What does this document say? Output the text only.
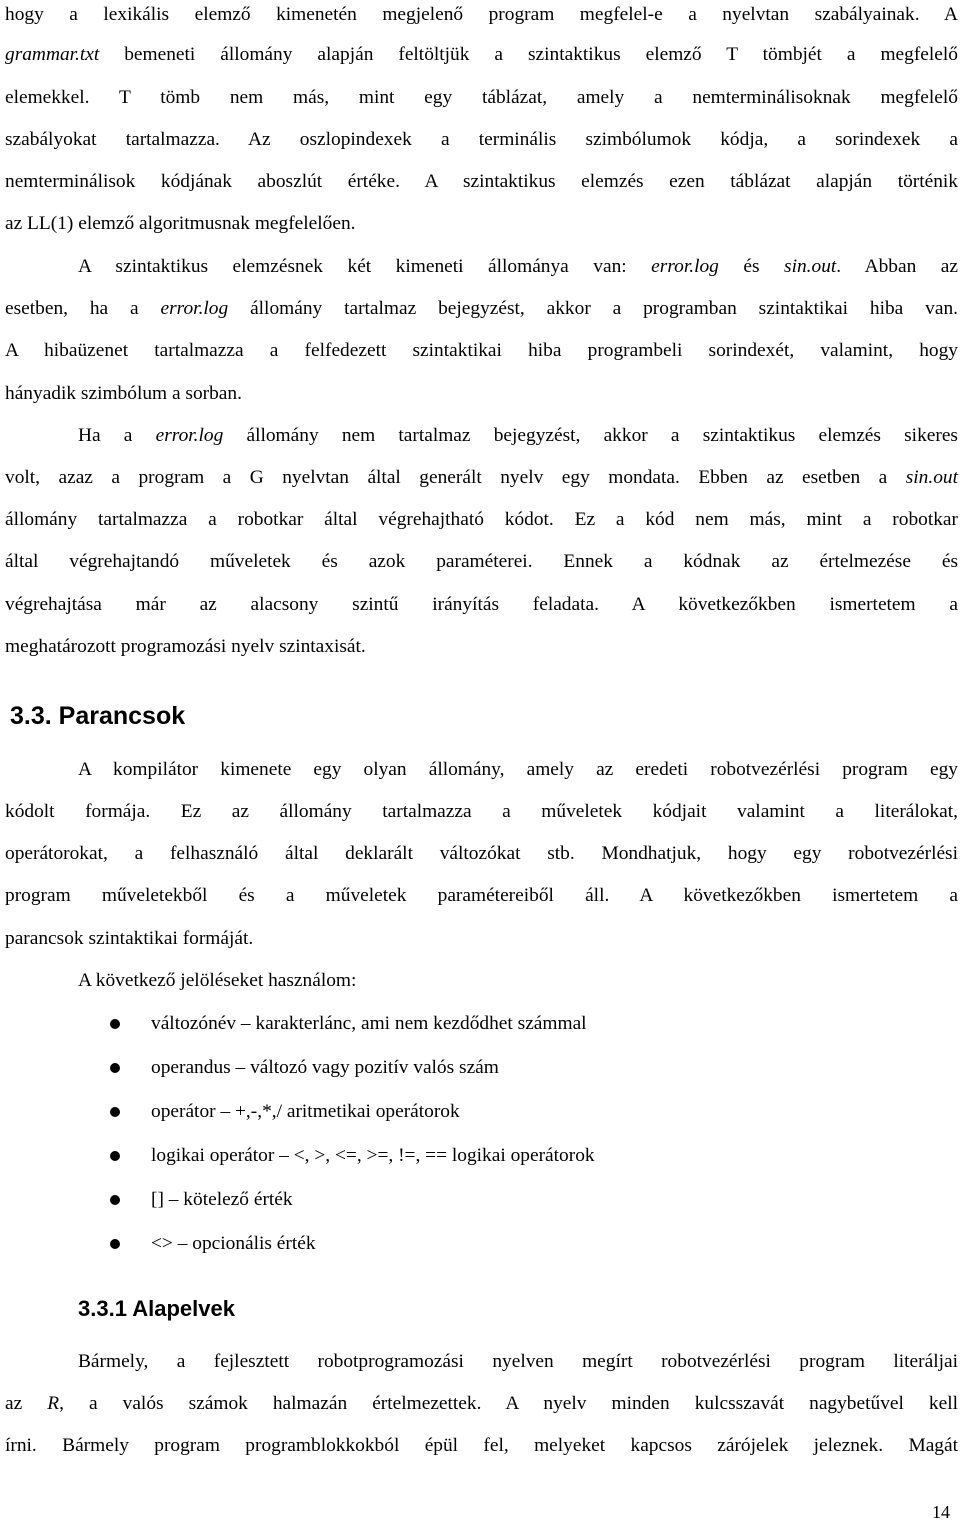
hogy a lexikális elemző kimenetén megjelenő program megfelel-e a nyelvtan szabályainak. A
grammar.txt bemeneti állomány alapján feltöltjük a szintaktikus elemző T tömbjét a megfelelő
elemekkel. T tömb nem más, mint egy táblázat, amely a nemterminálisoknak megfelelő
szabályokat tartalmazza. Az oszlopindexek a terminális szimbólumok kódja, a sorindexek a
nemterminálisok kódjának aboszlút értéke. A szintaktikus elemzés ezen táblázat alapján történik
az LL(1) elemző algoritmusnak megfelelően.
A szintaktikus elemzésnek két kimeneti állománya van: error.log és sin.out. Abban az
esetben, ha a error.log állomány tartalmaz bejegyzést, akkor a programban szintaktikai hiba van.
A hibaüzenet tartalmazza a felfedezett szintaktikai hiba programbeli sorindexét, valamint, hogy
hányadik szimbólum a sorban.
Ha a error.log állomány nem tartalmaz bejegyzést, akkor a szintaktikus elemzés sikeres
volt, azaz a program a G nyelvtan által generált nyelv egy mondata. Ebben az esetben a sin.out
állomány tartalmazza a robotkar által végrehajtható kódot. Ez a kód nem más, mint a robotkar
által végrehajtandó műveletek és azok paraméterei. Ennek a kódnak az értelmezése és
végrehajtása már az alacsony szintű irányítás feladata. A következőkben ismertetem a
meghatározott programozási nyelv szintaxisát.
3.3. Parancsok
A kompilátor kimenete egy olyan állomány, amely az eredeti robotvezérlési program egy
kódolt formája. Ez az állomány tartalmazza a műveletek kódjait valamint a literálokat,
operátorokat, a felhasználó által deklarált változókat stb. Mondhatjuk, hogy egy robotvezérlési
program műveletekből és a műveletek paramétereiből áll. A következőkben ismertetem a
parancsok szintaktikai formáját.
A következő jelöléseket használom:
változónév – karakterlánc, ami nem kezdődhet számmal
operandus – változó vagy pozitív valós szám
operátor – +,-,*,/ aritmetikai operátorok
logikai operátor – <, >, <=, >=, !=, == logikai operátorok
[] – kötelező érték
<> – opcionális érték
3.3.1 Alapelvek
Bármely, a fejlesztett robotprogramozási nyelven megírt robotvezérlési program literáljai
az R, a valós számok halmazán értelmezettek. A nyelv minden kulcsszavát nagybetűvel kell
írni. Bármely program programblokkokból épül fel, melyeket kapcsos zárójelek jeleznek. Magát
14
